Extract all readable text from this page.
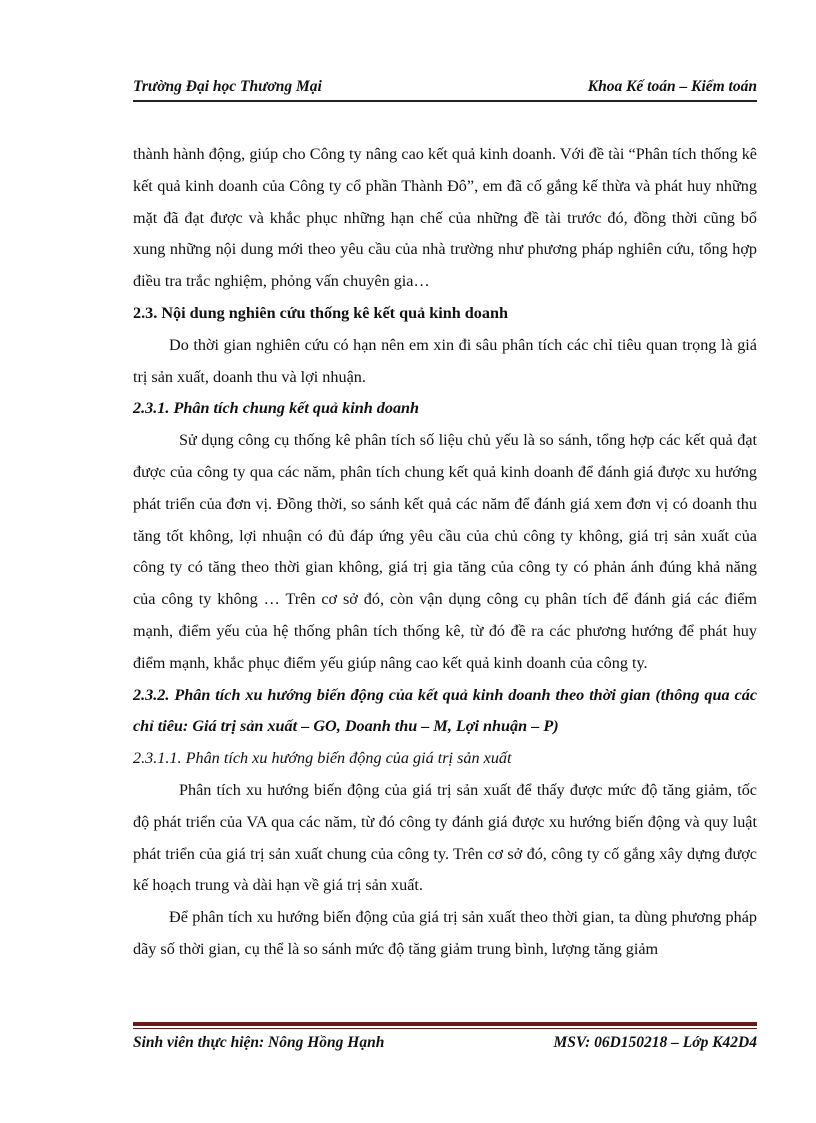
Trường Đại học Thương Mại	Khoa Kế toán – Kiểm toán

thành hành động, giúp cho Công ty nâng cao kết quả kinh doanh. Với đề tài “Phân tích thống kê kết quả kinh doanh của Công ty cổ phần Thành Đô”, em đã cố gắng kế thừa và phát huy những mặt đã đạt được và khắc phục những hạn chế của những đề tài trước đó, đồng thời cũng bổ xung những nội dung mới theo yêu cầu của nhà trường như phương pháp nghiên cứu, tổng hợp điều tra trắc nghiệm, phỏng vấn chuyên gia…

2.3. Nội dung nghiên cứu thống kê kết quả kinh doanh

Do thời gian nghiên cứu có hạn nên em xin đi sâu phân tích các chỉ tiêu quan trọng là giá trị sản xuất, doanh thu và lợi nhuận.

2.3.1. Phân tích chung kết quả kinh doanh

Sử dụng công cụ thống kê phân tích số liệu chủ yếu là so sánh, tổng hợp các kết quả đạt được của công ty qua các năm, phân tích chung kết quả kinh doanh để đánh giá được xu hướng phát triển của đơn vị. Đồng thời, so sánh kết quả các năm để đánh giá xem đơn vị có doanh thu tăng tốt không, lợi nhuận có đủ đáp ứng yêu cầu của chủ công ty không, giá trị sản xuất của công ty có tăng theo thời gian không, giá trị gia tăng của công ty có phản ánh đúng khả năng của công ty không … Trên cơ sở đó, còn vận dụng công cụ phân tích để đánh giá các điểm mạnh, điểm yếu của hệ thống phân tích thống kê, từ đó đề ra các phương hướng để phát huy điểm mạnh, khắc phục điểm yếu giúp nâng cao kết quả kinh doanh của công ty.

2.3.2. Phân tích xu hướng biến động của kết quả kinh doanh theo thời gian (thông qua các chỉ tiêu: Giá trị sản xuất – GO, Doanh thu – M, Lợi nhuận – P)

2.3.1.1. Phân tích xu hướng biến động của giá trị sản xuất

Phân tích xu hướng biến động của giá trị sản xuất để thấy được mức độ tăng giảm, tốc độ phát triển của VA qua các năm, từ đó công ty đánh giá được xu hướng biến động và quy luật phát triển của giá trị sản xuất chung của công ty. Trên cơ sở đó, công ty cố gắng xây dựng được kế hoạch trung và dài hạn về giá trị sản xuất.

Để phân tích xu hướng biến động của giá trị sản xuất theo thời gian, ta dùng phương pháp dãy số thời gian, cụ thể là so sánh mức độ tăng giảm trung bình, lượng tăng giảm

Sinh viên thực hiện: Nông Hồng Hạnh	MSV: 06D150218 – Lớp K42D4
